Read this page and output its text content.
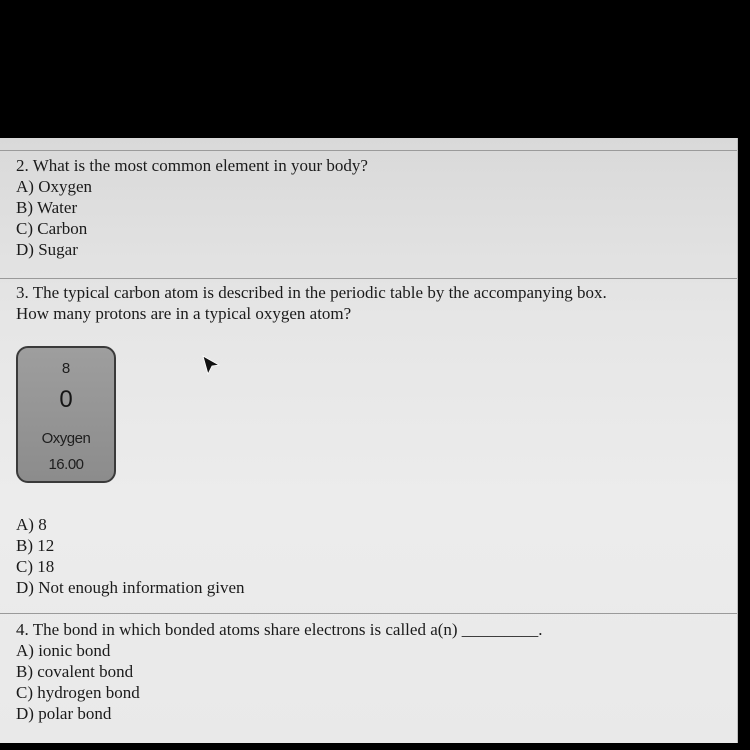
2. What is the most common element in your body?

A) Oxygen
B) Water
C) Carbon
D) Sugar

3. The typical carbon atom is described in the periodic table by the accompanying box.

How many protons are in a typical oxygen atom?

8
0
Oxygen
16.00
A) 8
B) 12
C) 18
D) Not enough information given

4. The bond in which bonded atoms share electrons is called a(n) _________.

A) ionic bond
B) covalent bond
C) hydrogen bond
D) polar bond
